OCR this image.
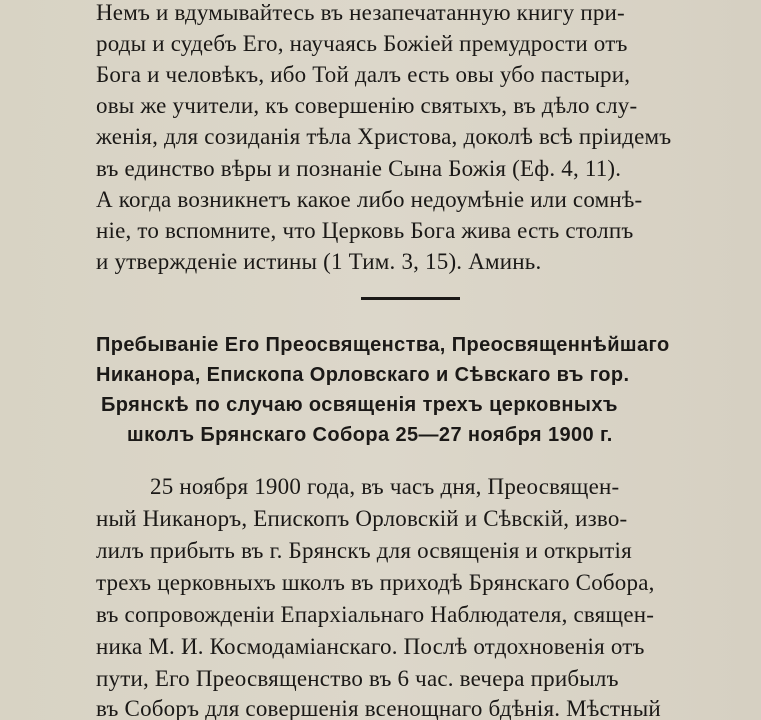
Немъ и вдумывайтесь въ незапечатанную книгу при-
роды и судебъ Его, научаясь Божiей премудрости отъ
Бога и человѣкъ, ибо Той далъ есть овы убо пастыри,
овы же учители, къ совершенiю святыхъ, въ дѣло слу-
женiя, для созиданiя тѣла Христова, доколѣ всѣ прiидемъ
въ единство вѣры и познанiе Сына Божiя (Еф. 4, 11).
А когда возникнетъ какое либо недоумѣнiе или сомнѣ-
нiе, то вспомните, что Церковь Бога жива есть столпъ
и утвержденiе истины (1 Тим. 3, 15). Аминь.
Пребыванiе Его Преосвященства, Преосвященнѣйшаго
Никанора, Епископа Орловскаго и Сѣвскаго въ гор.
Брянскѣ по случаю освященiя трехъ церковныхъ
школъ Брянскаго Собора 25—27 ноября 1900 г.
25 ноября 1900 года, въ часъ дня, Преосвящен-
ный Никаноръ, Епископъ Орловскiй и Сѣвскiй, изво-
лилъ прибыть въ г. Брянскъ для освященiя и открытiя
трехъ церковныхъ школъ въ приходѣ Брянскаго Собора,
въ сопровожденiи Епархiальнаго Наблюдателя, священ-
ника М. И. Космодамiанскаго. Послѣ отдохновенiя отъ
пути, Его Преосвященство въ 6 час. вечера прибылъ
въ Соборъ для совершенiя всенощнаго бдѣнiя. Мѣстный
